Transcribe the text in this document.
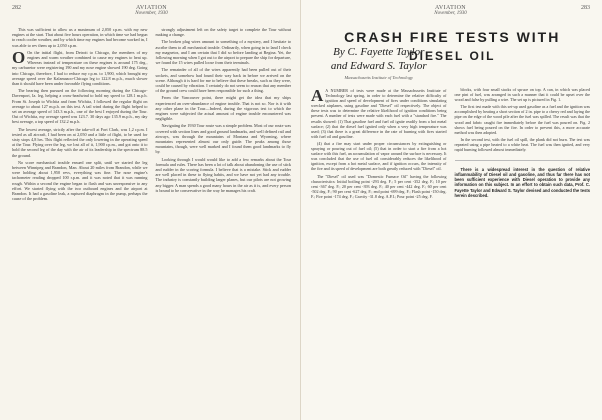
282	AVIATION
November, 1930

This was sufficient to allow us a maximum of 2,050 r.p.m. with my new engines at the start. That about five hours operation, in which time we had begun to reach cooler weather, and by which time my engines had become worked in, I was able to rev them up to 2,050 r.p.m.

O On the initial flight, from Detroit to Chicago, the members of my engines and warm weather combined to cause my engines to heat up. Whereas instead of temperature on these engines is around 175 deg., my carburetor were registering 190 and my nose engine showed 190 deg. Going into Chicago, therefore, I had to reduce my r.p.m. to 1,900, which brought my average speed over the Kalamazoo-Chicago leg to 122.8 m.p.h., much slower than it should have been under favorable flying conditions.

The bearing then pursued on the following morning during the Chicago-Davenport, Ia. leg, helping a cross-headwind to hold my speed to 128.1 m.p.h. From St. Joseph to Wichita and from Wichita, I followed the regular flight on average to about 127 m.p.h. on this test. A tail wind during the flight helped to set an average speed of 143.3 m.p.h., one of the best I enjoyed during the Tour. Out of Wichita, my average speed was 123.7. 30 days ago 135.9 m.p.h., my day best average, a top speed of 132.2 m.p.h.

The lowest average, strictly after the take-off at Fort Clark, was 1,2 r.p.m. I tested as all aircraft, I had been on at 2,050 and a little of flight, to be used for sixty stops 4,8 hrs. This flight reflected the only lowering in the operating speed at the Tour. Flying over the leg, we lost all of it, 1,900 r.p.m., and got onto it to hold the second leg of the day with the air of its leadership in the spectrum 88.5 the ground.

No score mechanical trouble ensued one split, until we started the leg between Winnipeg and Brandon, Man. About 20 miles from Brandon, while we were holding about 1,950 revs, everything was fine. The nose engine's tachometer reading dropped 100 r.p.m. and it was noted that it was running rough. Within a second the engine began to flash and was unresponsive to any effort. We started flying with the two outboard engines and the airport at Brandon. It had a gasoline leak, a ruptured diaphragm in the pump, perhaps the cause of the problem.

strongly adjustment left on the safety target to complete the Tour without making a change.

The broken plug wires amount to something of a mystery, and I hesitate to ascribe them to all mechanical trouble. Ordinarily, when going in to land I check my magnetos, and I am certain that I did so before landing at Regina. Yet, the following morning when I got out to the airport to prepare the ship for departure, we found the 15 wires pulled loose from their terminals.

The remainder of all of the wires apparently had been pulled out of their sockets, and somehow had found their way back in before we arrived on the scene. Although it is hard for me to believe that these breaks, such as they were, could be caused by vibration. I certainly do not seem to reason that any member of the ground crew could have been responsible for such a thing.

From the Vancouver point, there might get the idea that my ships experienced an over-abundance of engine trouble. That is not so. Nor is it with any other plane in the Tour—Indeed, during the vigorous test to which the engines were subjected the actual amount of engine trouble encountered was negligible.

Navigating the 1930 Tour route was a simple problem. Most of our route was covered with section lines and good ground landmarks, and well defined rail and airways, was through the mountains of Montana and Wyoming, where mountains represented almost our only guide. The peaks among those mountains, though, were well marked and I found them good landmarks to fly by.

Looking through I would would like to add a few remarks about the Tour formula and rules. There has been a lot of talk about abandoning the use of stick and rudder in the scoring formula. I believe that is a mistake. Stick and rudder are well placed in these to flying habits, and we have not yet had any trouble. The industry is constantly building larger planes, but our pilots are not growing any bigger. A man spends a good many hours in the air as it is, and every person is bound to be conservative in the way he manages his craft.

283
AVIATION
November, 1930
By C. Fayette Taylor
and Edward S. Taylor
Massachusetts Institute of Technology

A A NUMBER of tests were made at the Massachusetts Institute of Technology last spring, in order to determine the relative difficulty of ignition and speed of development of fires under conditions simulating wrecked airplanes, using gasoline and "Diesel" oil respectively. The object of these tests was to determine the relative likelihood of ignition conditions being present. A number of tests were made with each fuel with a "standard fire." The results showed: (1) That gasoline fuel and fuel oil ignite readily from a hot metal surface; (2) that the diesel fuel ignited only when a very high temperature was used; (3) that there is a great difference in the rate of burning with fires started with fuel oil and gasoline.

(4) that a fire may start under proper circumstances by extinguishing or spraying or pouring out of fuel oil; (5) that in order to start a fire from a hot surface with this fuel, an accumulation of vapor around the surface is necessary. It was concluded that the use of fuel oil considerably reduces the likelihood of ignition, except from a hot metal surface, and if ignition occurs, the intensity of the fire and its speed of development are both greatly reduced with "Diesel" oil.

The "Diesel" oil used was "Domestic Furnace Oil" having the following characteristics: Initial boiling point -293 deg. F.; 5 per cent -352 deg. F.; 10 per cent -367 deg. F.; 20 per cent -393 deg. F.; 40 per cent -442 deg. F.; 60 per cent -502 deg. F.; 90 per cent -627 deg. F.; end point -699 deg. F.; Flash point -150 deg. F.; Fire point -174 deg. F.; Gravity -31.8 deg. A.P.I.; Pour point -25 deg. F.

CRASH FIRE TESTS WITH
DIESEL OIL

blocks, with four small stacks of spruce on top. A can, in which was placed one pint of fuel, was arranged in such a manner that it could be upset over the wood and false by pulling a wire. The set up is pictured in Fig. 1.

The first test made with this set-up used gasoline as a fuel and the ignition was accomplished by heating a short section of 2 in. pipe to a cherry red and laying the pipe on the edge of the wood pile after the fuel was spilled. The result was that the wood and fabric caught fire immediately before the fuel was poured on. Fig. 2 shows fuel being poured on the fire. In order to prevent this, a more accurate method was then adopted.

In the second test, with the fuel oil spill, the plank did not burn. The test was repeated using a pipe heated to a white heat. The fuel was then ignited, and very rapid burning followed almost immediately.

There is a widespread interest in the question of relative inflammability of Diesel oil and gasoline, and thus far there has not been sufficient experience with Diesel operation to provide any information on this subject. In an effort to obtain such data, Prof. C. Fayette Taylor and Edward S. Taylor devised and conducted the tests herein described.
